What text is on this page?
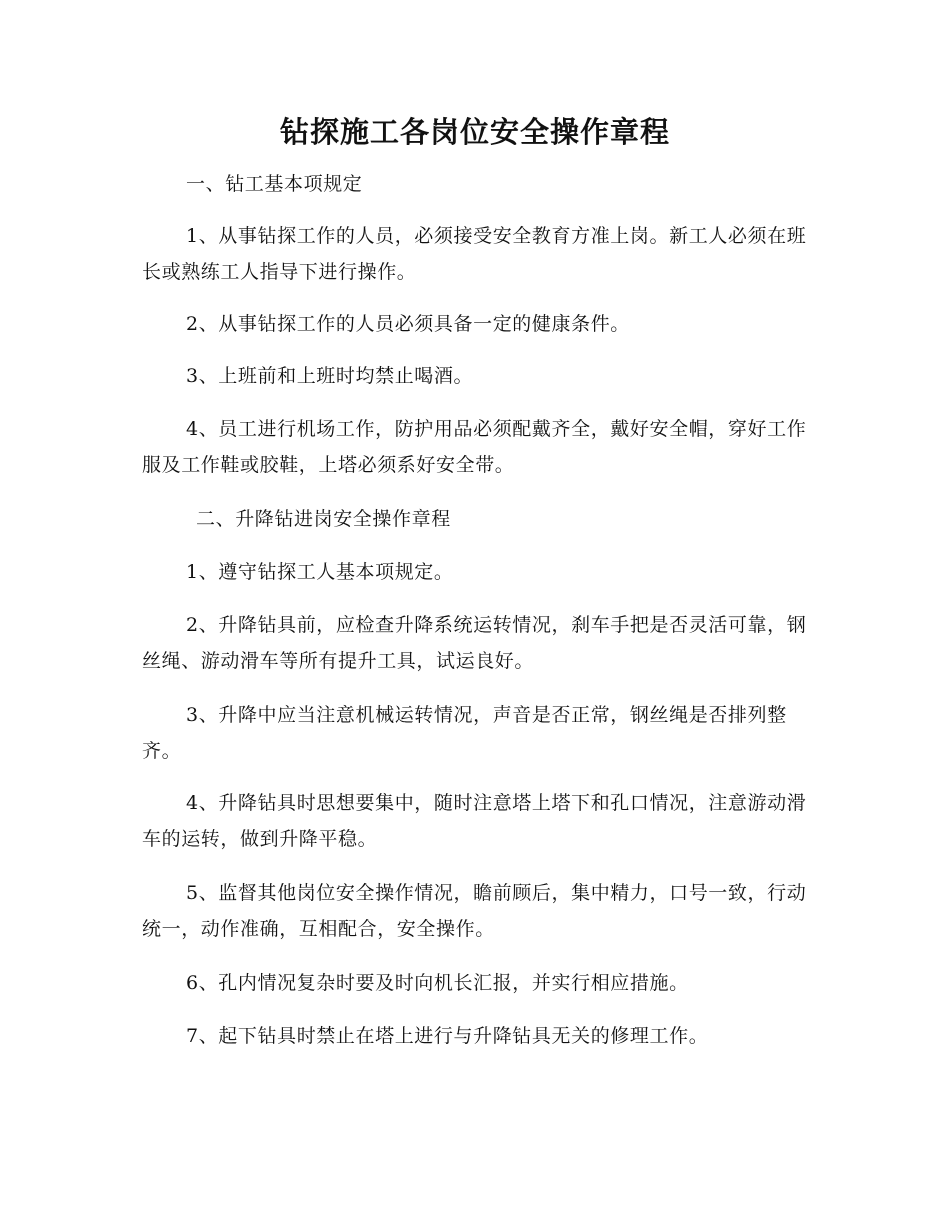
钻探施工各岗位安全操作章程

一、钻工基本项规定

1、从事钻探工作的人员，必须接受安全教育方准上岗。新工人必须在班长或熟练工人指导下进行操作。

2、从事钻探工作的人员必须具备一定的健康条件。

3、上班前和上班时均禁止喝酒。

4、员工进行机场工作，防护用品必须配戴齐全，戴好安全帽，穿好工作服及工作鞋或胶鞋，上塔必须系好安全带。

二、升降钻进岗安全操作章程

1、遵守钻探工人基本项规定。

2、升降钻具前，应检查升降系统运转情况，刹车手把是否灵活可靠，钢丝绳、游动滑车等所有提升工具，试运良好。

3、升降中应当注意机械运转情况，声音是否正常，钢丝绳是否排列整齐。

4、升降钻具时思想要集中，随时注意塔上塔下和孔口情况，注意游动滑车的运转，做到升降平稳。

5、监督其他岗位安全操作情况，瞻前顾后，集中精力，口号一致，行动统一，动作准确，互相配合，安全操作。

6、孔内情况复杂时要及时向机长汇报，并实行相应措施。

7、起下钻具时禁止在塔上进行与升降钻具无关的修理工作。
